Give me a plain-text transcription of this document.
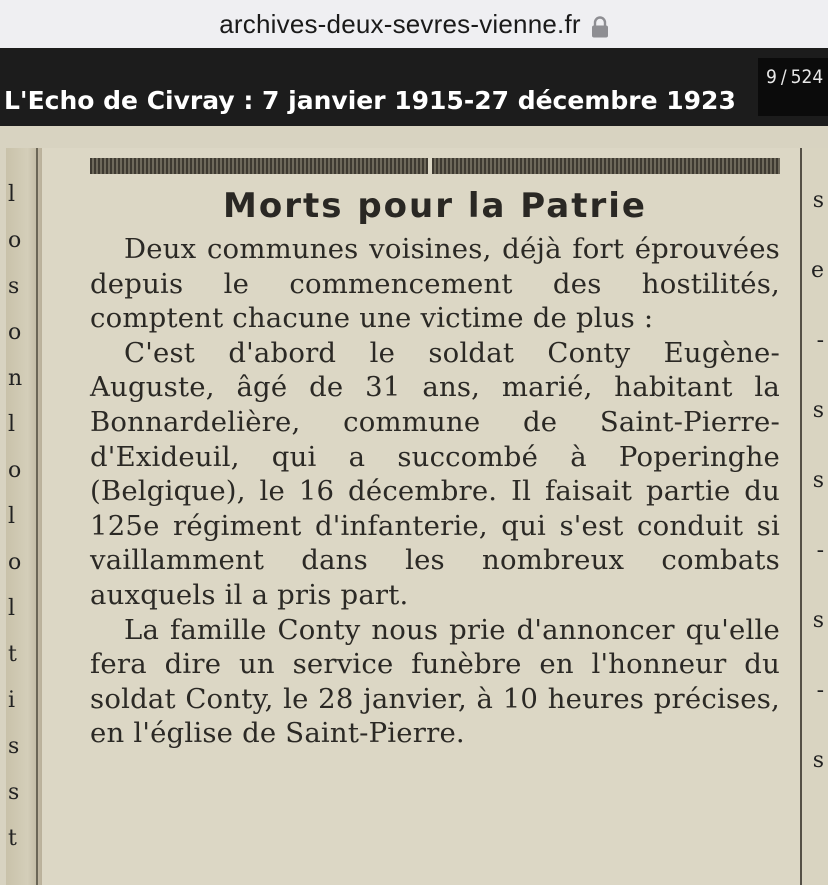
archives-deux-sevres-vienne.fr
L'Echo de Civray : 7 janvier 1915-27 décembre 1923
9 / 524
Morts pour la Patrie

Deux communes voisines, déjà fort éprouvées depuis le commencement des hostilités, comptent chacune une victime de plus :

C'est d'abord le soldat Conty Eugène-Auguste, âgé de 31 ans, marié, habitant la Bonnardelière, commune de Saint-Pierre-d'Exideuil, qui a succombé à Poperinghe (Belgique), le 16 décembre. Il faisait partie du 125e régiment d'infanterie, qui s'est conduit si vaillamment dans les nombreux combats auxquels il a pris part.

La famille Conty nous prie d'annoncer qu'elle fera dire un service funèbre en l'honneur du soldat Conty, le 28 janvier, à 10 heures précises, en l'église de Saint-Pierre.

l
o
s
o
n
l
o
l
o
l
t
i
s
s
t
s
e
-
s
s
-
s
-
s
